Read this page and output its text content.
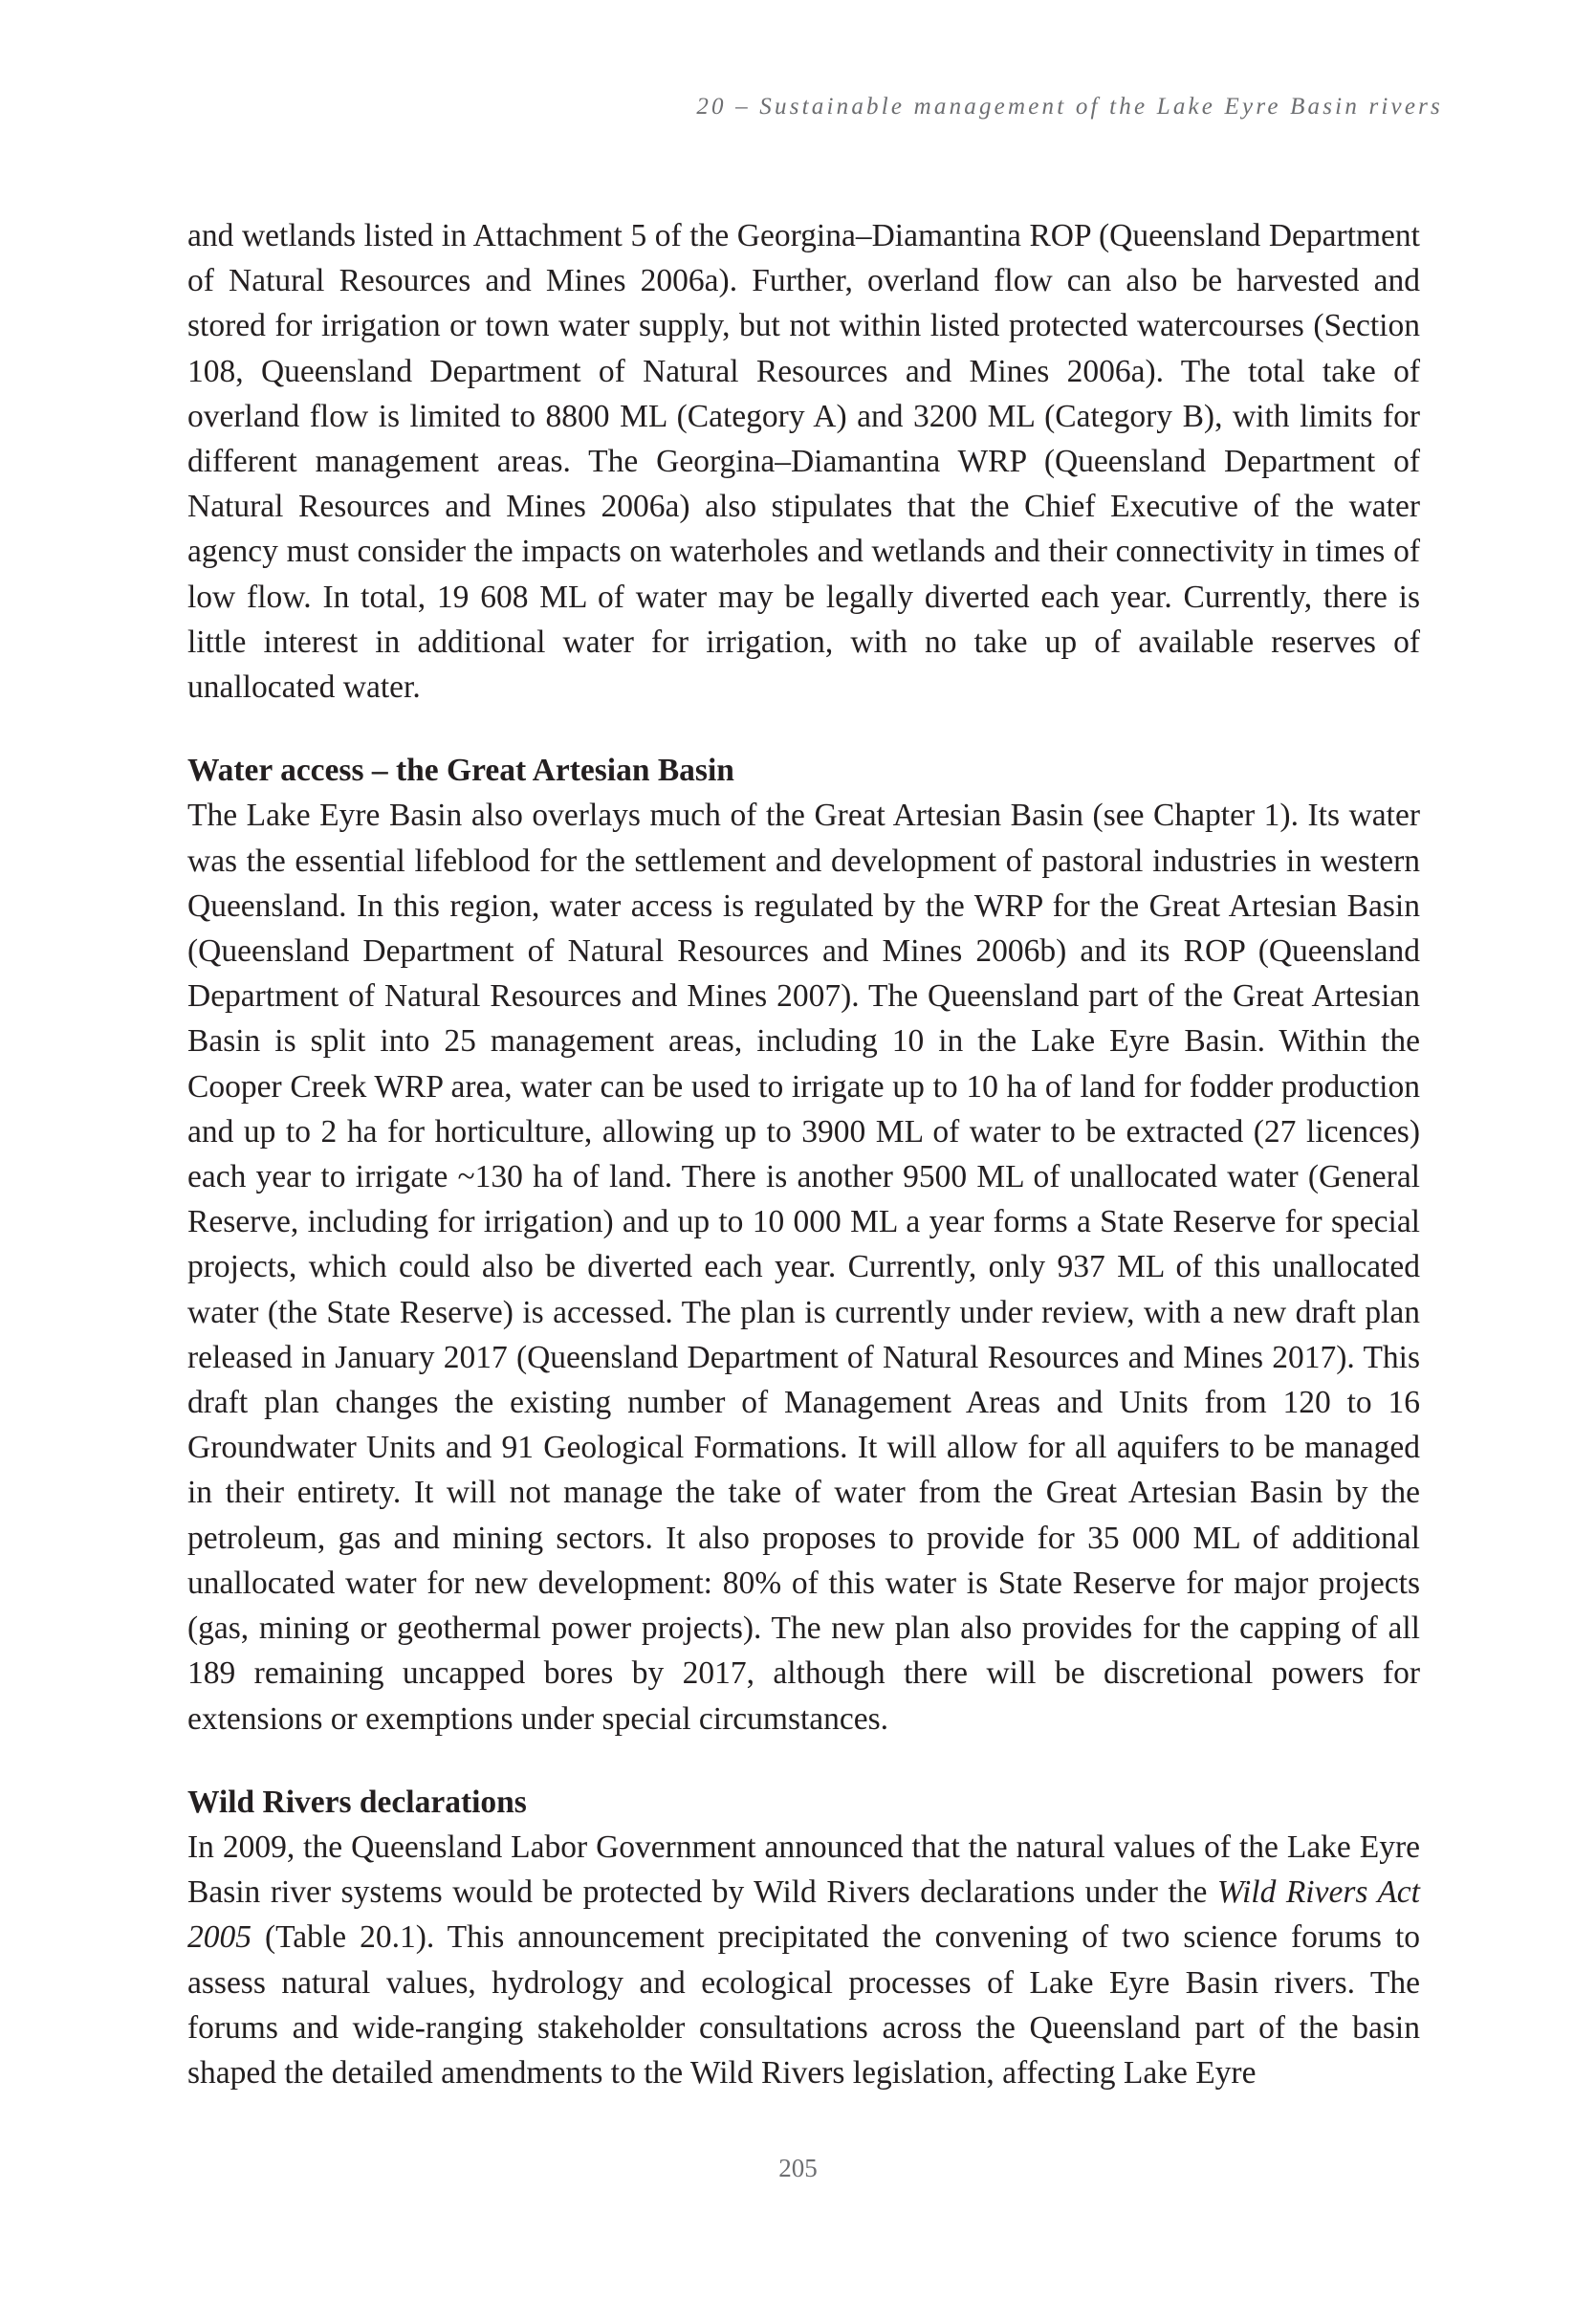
20 – Sustainable management of the Lake Eyre Basin rivers

and wetlands listed in Attachment 5 of the Georgina–Diamantina ROP (Queensland Department of Natural Resources and Mines 2006a). Further, overland flow can also be harvested and stored for irrigation or town water supply, but not within listed protected watercourses (Section 108, Queensland Department of Natural Resources and Mines 2006a). The total take of overland flow is limited to 8800 ML (Category A) and 3200 ML (Category B), with limits for different management areas. The Georgina–Diamantina WRP (Queensland Department of Natural Resources and Mines 2006a) also stipulates that the Chief Executive of the water agency must consider the impacts on waterholes and wetlands and their connectivity in times of low flow. In total, 19 608 ML of water may be legally diverted each year. Currently, there is little interest in additional water for irrigation, with no take up of available reserves of unallocated water.

Water access – the Great Artesian Basin

The Lake Eyre Basin also overlays much of the Great Artesian Basin (see Chapter 1). Its water was the essential lifeblood for the settlement and development of pastoral industries in western Queensland. In this region, water access is regulated by the WRP for the Great Artesian Basin (Queensland Department of Natural Resources and Mines 2006b) and its ROP (Queensland Department of Natural Resources and Mines 2007). The Queensland part of the Great Artesian Basin is split into 25 management areas, including 10 in the Lake Eyre Basin. Within the Cooper Creek WRP area, water can be used to irrigate up to 10 ha of land for fodder production and up to 2 ha for horticulture, allowing up to 3900 ML of water to be extracted (27 licences) each year to irrigate ~130 ha of land. There is another 9500 ML of unallocated water (General Reserve, including for irrigation) and up to 10 000 ML a year forms a State Reserve for special projects, which could also be diverted each year. Currently, only 937 ML of this unallocated water (the State Reserve) is accessed. The plan is currently under review, with a new draft plan released in January 2017 (Queensland Department of Natural Resources and Mines 2017). This draft plan changes the existing number of Management Areas and Units from 120 to 16 Groundwater Units and 91 Geological Formations. It will allow for all aquifers to be managed in their entirety. It will not manage the take of water from the Great Artesian Basin by the petroleum, gas and mining sectors. It also proposes to provide for 35 000 ML of additional unallocated water for new development: 80% of this water is State Reserve for major projects (gas, mining or geothermal power projects). The new plan also provides for the capping of all 189 remaining uncapped bores by 2017, although there will be discretional powers for extensions or exemptions under special circumstances.

Wild Rivers declarations

In 2009, the Queensland Labor Government announced that the natural values of the Lake Eyre Basin river systems would be protected by Wild Rivers declarations under the Wild Rivers Act 2005 (Table 20.1). This announcement precipitated the convening of two science forums to assess natural values, hydrology and ecological processes of Lake Eyre Basin rivers. The forums and wide-ranging stakeholder consultations across the Queensland part of the basin shaped the detailed amendments to the Wild Rivers legislation, affecting Lake Eyre

205
